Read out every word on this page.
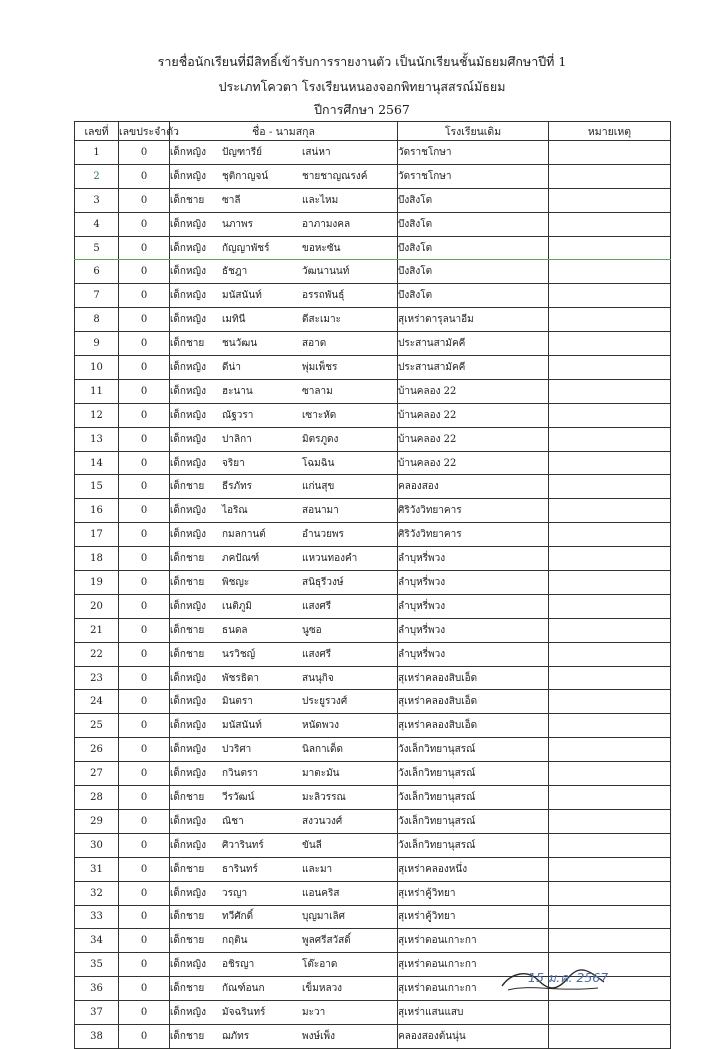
รายชื่อนักเรียนที่มีสิทธิ์เข้ารับการรายงานตัว เป็นนักเรียนชั้นมัธยมศึกษาปีที่ 1
ประเภทโควตา โรงเรียนหนองจอกพิทยานุสสรณ์มัธยม
ปีการศึกษา 2567
เลขที่	เลขประจำตัว	ชื่อ - นามสกุล	โรงเรียนเดิม	หมายเหตุ
1	0	เด็กหญิง ปัญฑารีย์ เสน่หา	วัดราชโกษา	
2	0	เด็กหญิง ชุติกาญจน์ ชายชาญณรงค์	วัดราชโกษา	
3	0	เด็กชาย ซาลี และไหม	บึงสิงโต	
4	0	เด็กหญิง นภาพร อาภามงคล	บึงสิงโต	
5	0	เด็กหญิง กัญญาพัชร์ ขอหะซัน	บึงสิงโต	
6	0	เด็กหญิง ธัชฎา วัฒนานนท์	บึงสิงโต	
7	0	เด็กหญิง มนัสนันท์ อรรถพันธุ์	บึงสิงโต	
8	0	เด็กหญิง เมทินี ดีสะเมาะ	สุเหร่าดารุลนาอีม	
9	0	เด็กชาย ชนวัฒน สอาด	ประสานสามัคคี	
10	0	เด็กหญิง ดีน่า พุ่มเพ็ชร	ประสานสามัคคี	
11	0	เด็กหญิง ฮะนาน ซาลาม	บ้านคลอง 22	
12	0	เด็กหญิง ณัฐวรา เซาะหัด	บ้านคลอง 22	
13	0	เด็กหญิง ปาลิกา มิตรภูดง	บ้านคลอง 22	
14	0	เด็กหญิง จริยา โฉมฉิน	บ้านคลอง 22	
15	0	เด็กชาย ธีรภัทร แก่นสุข	คลองสอง	
16	0	เด็กหญิง ไอริณ สอนามา	ศิริวังวิทยาคาร	
17	0	เด็กหญิง กมลกานต์ อำนวยพร	ศิริวังวิทยาคาร	
18	0	เด็กชาย ภคปัณฑ์ แหวนทองคำ	ลำบุหรี่พวง	
19	0	เด็กชาย พิชญะ สนิธุรีวงษ์	ลำบุหรี่พวง	
20	0	เด็กหญิง เนติภูมิ แสงศรี	ลำบุหรี่พวง	
21	0	เด็กชาย ธนดล นูซอ	ลำบุหรี่พวง	
22	0	เด็กชาย นรวิชญ์ แสงศรี	ลำบุหรี่พวง	
23	0	เด็กหญิง พัชรธิดา สนนุกิจ	สุเหร่าคลองสิบเอ็ด	
24	0	เด็กหญิง มินตรา ประยูรวงศ์	สุเหร่าคลองสิบเอ็ด	
25	0	เด็กหญิง มนัสนันท์ หนัดพวง	สุเหร่าคลองสิบเอ็ด	
26	0	เด็กหญิง ปวริศา นิลกาเด็ด	วังเล็กวิทยานุสรณ์	
27	0	เด็กหญิง กวินตรา มาตะมัน	วังเล็กวิทยานุสรณ์	
28	0	เด็กชาย วีรวัฒน์ มะลิวรรณ	วังเล็กวิทยานุสรณ์	
29	0	เด็กหญิง ณิชา สงวนวงศ์	วังเล็กวิทยานุสรณ์	
30	0	เด็กหญิง ศิวารินทร์ ขันลี	วังเล็กวิทยานุสรณ์	
31	0	เด็กชาย ธารินทร์ และมา	สุเหร่าคลองหนึ่ง	
32	0	เด็กหญิง วรญา แอนคริส	สุเหร่าคู้วิทยา	
33	0	เด็กชาย ทวีศักดิ์ บุญมาเลิศ	สุเหร่าคู้วิทยา	
34	0	เด็กชาย กฤติน พูลศรีสวัสดิ์	สุเหร่าดอนเกาะกา	
35	0	เด็กหญิง อชิรญา โต๊ะอาด	สุเหร่าดอนเกาะกา	
36	0	เด็กชาย กัณฑ์อนก เข็มหลวง	สุเหร่าดอนเกาะกา	
37	0	เด็กหญิง มัจฉรินทร์ มะวา	สุเหร่าแสนแสบ	
38	0	เด็กชาย ฌภัทร พงษ์เพ็ง	คลองสองต้นนุ่น	
15 ม.ค. 2567
